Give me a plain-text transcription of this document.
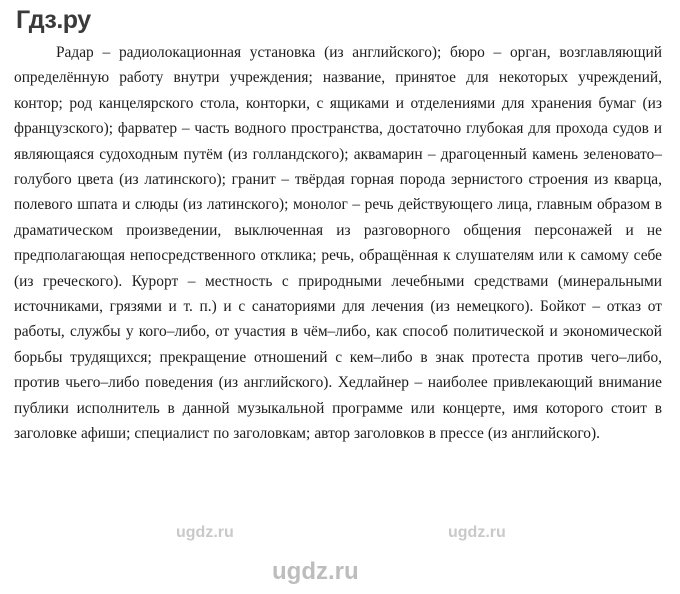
Гдз.ру

Радар – радиолокационная установка (из английского); бюро – орган, возглавляющий определённую работу внутри учреждения; название, принятое для некоторых учреждений, контор; род канцелярского стола, конторки, с ящиками и отделениями для хранения бумаг (из французского); фарватер – часть водного пространства, достаточно глубокая для прохода судов и являющаяся судоходным путём (из голландского); аквамарин – драгоценный камень зеленовато–голубого цвета (из латинского); гранит – твёрдая горная порода зернистого строения из кварца, полевого шпата и слюды (из латинского); монолог – речь действующего лица, главным образом в драматическом произведении, выключенная из разговорного общения персонажей и не предполагающая непосредственного отклика; речь, обращённая к слушателям или к самому себе (из греческого). Курорт – местность с природными лечебными средствами (минеральными источниками, грязями и т. п.) и с санаториями для лечения (из немецкого). Бойкот – отказ от работы, службы у кого–либо, от участия в чём–либо, как способ политической и экономической борьбы трудящихся; прекращение отношений с кем–либо в знак протеста против чего–либо, против чьего–либо поведения (из английского). Хедлайнер – наиболее привлекающий внимание публики исполнитель в данной музыкальной программе или концерте, имя которого стоит в заголовке афиши; специалист по заголовкам; автор заголовков в прессе (из английского).

ugdz.ru	ugdz.ru
ugdz.ru
